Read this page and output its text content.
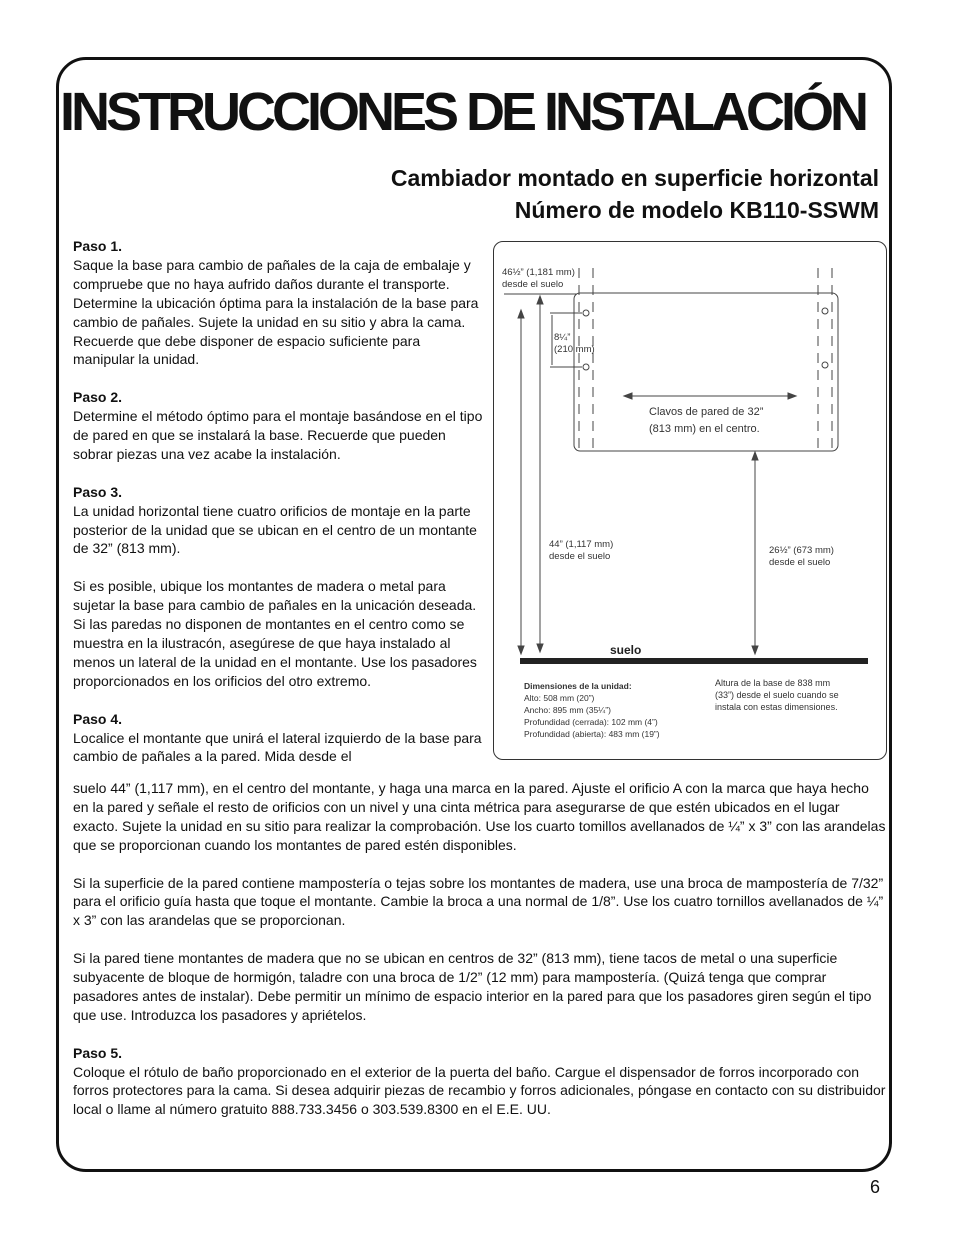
INSTRUCCIONES DE INSTALACIÓN
Cambiador montado en superficie horizontal
Número de modelo KB110-SSWM

Paso 1.
Saque la base para cambio de pañales de la caja de embalaje y compruebe que no haya aufrido daños durante el transporte. Determine la ubicación óptima para la instalación de la base para cambio de pañales. Sujete la unidad en su sitio y abra la cama. Recuerde que debe disponer de espacio suficiente para manipular la unidad.

Paso 2.
Determine el método óptimo para el montaje basándose en el tipo de pared en que se instalará la base. Recuerde que pueden sobrar piezas una vez acabe la instalación.

Paso 3.
La unidad horizontal tiene cuatro orificios de montaje en la parte posterior de la unidad que se ubican en el centro de un montante de 32” (813 mm).

Si es posible, ubique los montantes de madera o metal para sujetar la base para cambio de pañales en la unicación deseada. Si las paredas no disponen de montantes en el centro como se muestra en la ilustracón, asegúrese de que haya instalado al menos un lateral de la unidad en el montante. Use los pasadores proporcionados en los orificios del otro extremo.

Paso 4.
Localice el montante que unirá el lateral izquierdo de la base para cambio de pañales a la pared. Mida desde el

suelo 44” (1,117 mm), en el centro del montante, y haga una marca en la pared. Ajuste el orificio A con la marca que haya hecho en la pared y señale el resto de orificios con un nivel y una cinta métrica para asegurarse de que estén ubicados en el lugar exacto. Sujete la unidad en su sitio para realizar la comprobación. Use los cuarto tomillos avellanados de ¼” x 3” con las arandelas que se proporcionan cuando los montantes de pared estén disponibles.

Si la superficie de la pared contiene mampostería o tejas sobre los montantes de madera, use una broca de mampostería de 7/32” para el orificio guía hasta que toque el montante. Cambie la broca a una normal de 1/8”. Use los cuatro tornillos avellanados de ¼” x 3” con las arandelas que se proporcionan.

Si la pared tiene montantes de madera que no se ubican en centros de 32” (813 mm), tiene tacos de metal o una superficie subyacente de bloque de hormigón, taladre con una broca de 1/2” (12 mm) para mampostería. (Quizá tenga que comprar pasadores antes de instalar). Debe permitir un mínimo de espacio interior en la pared para que los pasadores giren según el tipo que use. Introduzca los pasadores y apriételos.

Paso 5.
Coloque el rótulo de baño proporcionado en el exterior de la puerta del baño. Cargue el dispensador de forros incorporado con forros protectores para la cama. Si desea adquirir piezas de recambio y forros adicionales, póngase en contacto con su distribuidor local o llame al número gratuito 888.733.3456 o 303.539.8300 en el E.E. UU.

46½” (1,181 mm)
desde el suelo
8¼”
(210 mm)
Clavos de pared de 32”
(813 mm) en el centro.
44” (1,117 mm)
desde el suelo
26½” (673 mm)
desde el suelo
suelo
Dimensiones de la unidad:
Alto: 508 mm (20”)
Ancho: 895 mm (35¼”)
Profundidad (cerrada): 102 mm (4”)
Profundidad (abierta): 483 mm (19”)
Altura de la base de 838 mm
(33”) desde el suelo cuando se
instala con estas dimensiones.
6
